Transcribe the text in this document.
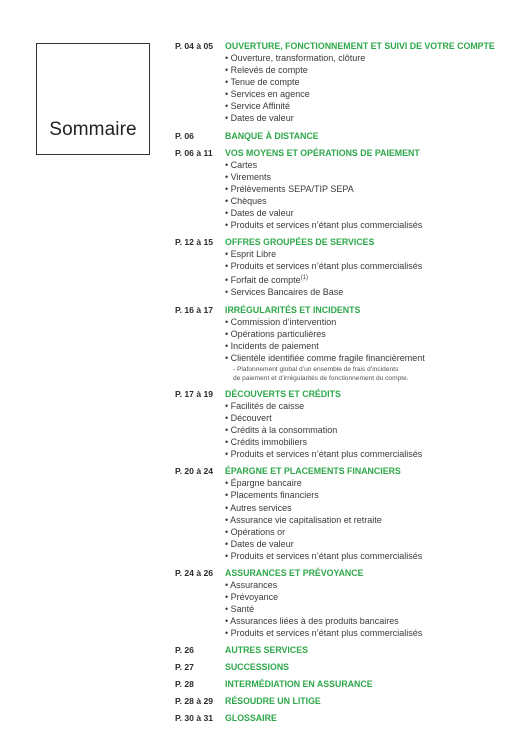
Sommaire
P. 04 à 05 OUVERTURE, FONCTIONNEMENT ET SUIVI DE VOTRE COMPTE
• Ouverture, transformation, clôture
• Relevés de compte
• Tenue de compte
• Services en agence
• Service Affinité
• Dates de valeur
P. 06	BANQUE À DISTANCE
P. 06 à 11 VOS MOYENS ET OPÉRATIONS DE PAIEMENT
• Cartes
• Virements
• Prélèvements SEPA/TIP SEPA
• Chèques
• Dates de valeur
• Produits et services n’étant plus commercialisés
P. 12 à 15 OFFRES GROUPÉES DE SERVICES
• Esprit Libre
• Produits et services n’étant plus commercialisés
• Forfait de compte$^{(1)}$
• Services Bancaires de Base
P. 16 à 17 IRRÉGULARITÉS ET INCIDENTS
• Commission d’intervention
• Opérations particulières
• Incidents de paiement
• Clientèle identifiée comme fragile financièrement
- Plafonnement global d’un ensemble de frais d’incidents
de paiement et d’irrégularités de fonctionnement du compte.
P. 17 à 19 DÉCOUVERTS ET CRÉDITS
• Facilités de caisse
• Découvert
• Crédits à la consommation
• Crédits immobiliers
• Produits et services n’étant plus commercialisés
P. 20 à 24 ÉPARGNE ET PLACEMENTS FINANCIERS
• Épargne bancaire
• Placements financiers
• Autres services
• Assurance vie capitalisation et retraite
• Opérations or
• Dates de valeur
• Produits et services n’étant plus commercialisés
P. 24 à 26 ASSURANCES ET PRÉVOYANCE
• Assurances
• Prévoyance
• Santé
• Assurances liées à des produits bancaires
• Produits et services n’étant plus commercialisés
P. 26	AUTRES SERVICES
P. 27	SUCCESSIONS
P. 28	INTERMÉDIATION EN ASSURANCE
P. 28 à 29 RÉSOUDRE UN LITIGE
P. 30 à 31 GLOSSAIRE
